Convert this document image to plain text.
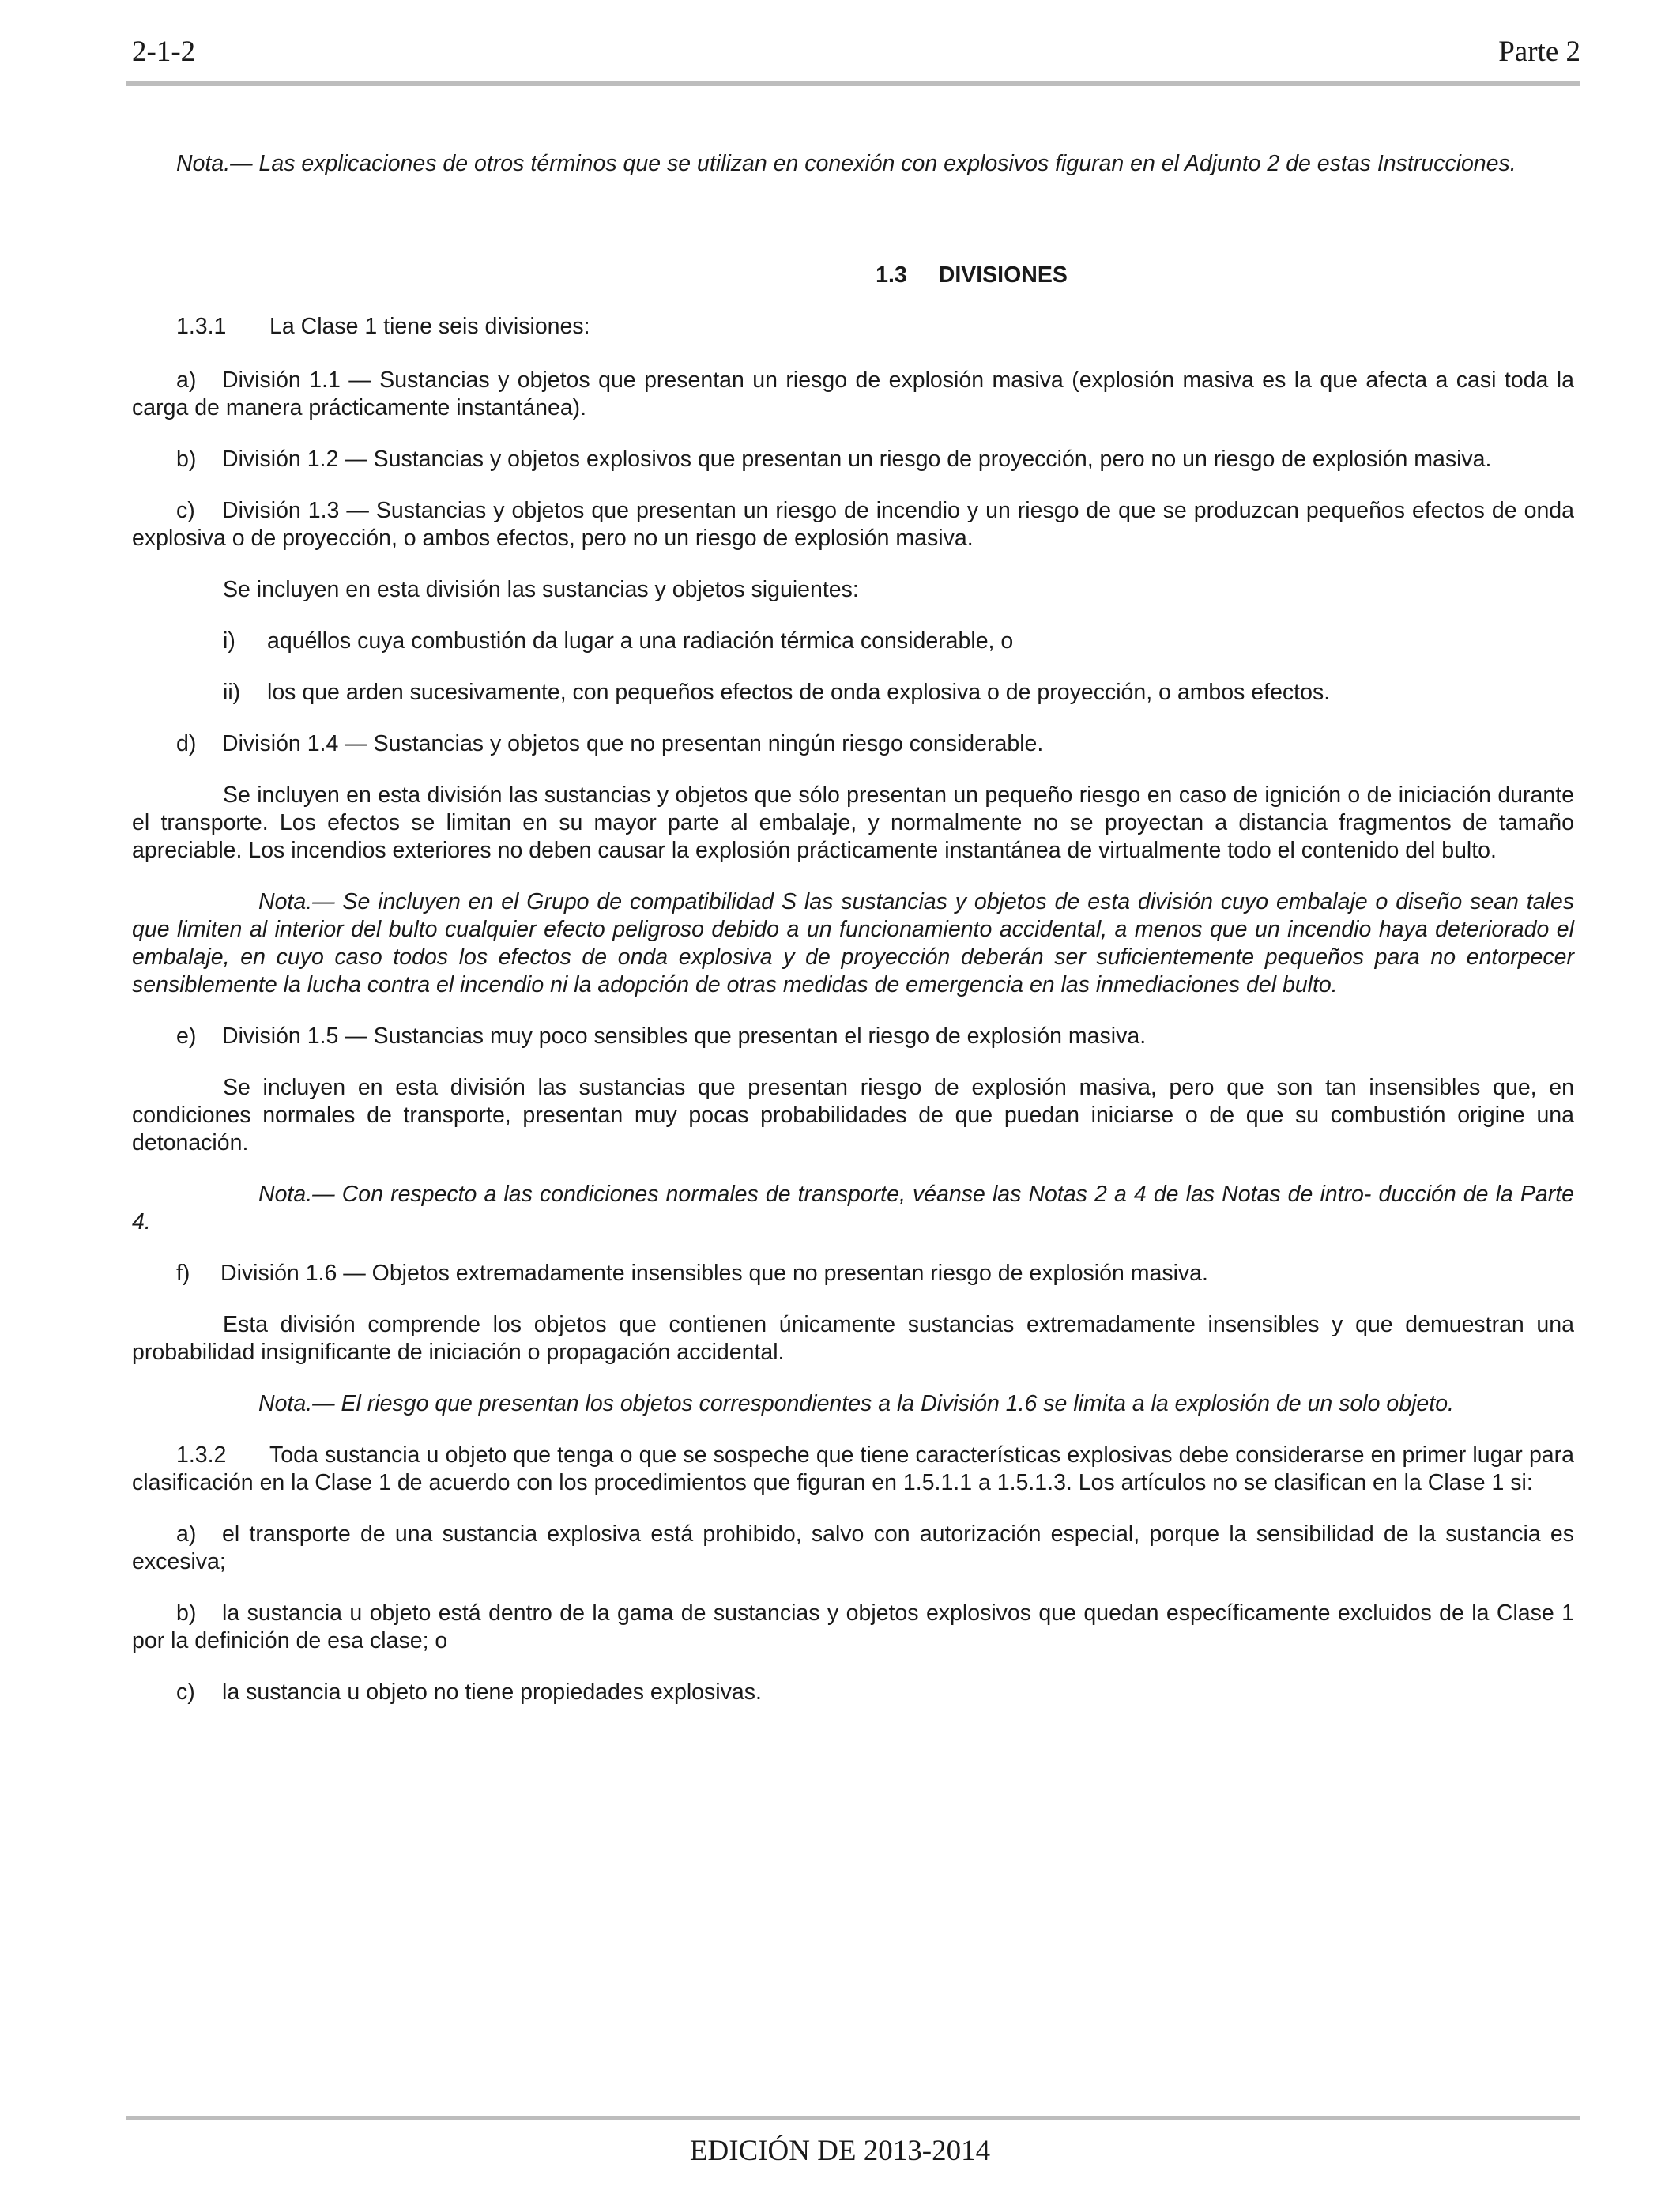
2-1-2	Parte 2

Nota.— Las explicaciones de otros términos que se utilizan en conexión con explosivos figuran en el Adjunto 2 de estas Instrucciones.

1.3 DIVISIONES

1.3.1 La Clase 1 tiene seis divisiones:

a) División 1.1 — Sustancias y objetos que presentan un riesgo de explosión masiva (explosión masiva es la que afecta a casi toda la carga de manera prácticamente instantánea).

b) División 1.2 — Sustancias y objetos explosivos que presentan un riesgo de proyección, pero no un riesgo de explosión masiva.

c) División 1.3 — Sustancias y objetos que presentan un riesgo de incendio y un riesgo de que se produzcan pequeños efectos de onda explosiva o de proyección, o ambos efectos, pero no un riesgo de explosión masiva.

Se incluyen en esta división las sustancias y objetos siguientes:

i) aquéllos cuya combustión da lugar a una radiación térmica considerable, o

ii) los que arden sucesivamente, con pequeños efectos de onda explosiva o de proyección, o ambos efectos.

d) División 1.4 — Sustancias y objetos que no presentan ningún riesgo considerable.

Se incluyen en esta división las sustancias y objetos que sólo presentan un pequeño riesgo en caso de ignición o de iniciación durante el transporte. Los efectos se limitan en su mayor parte al embalaje, y normalmente no se proyectan a distancia fragmentos de tamaño apreciable. Los incendios exteriores no deben causar la explosión prácticamente instantánea de virtualmente todo el contenido del bulto.

Nota.— Se incluyen en el Grupo de compatibilidad S las sustancias y objetos de esta división cuyo embalaje o diseño sean tales que limiten al interior del bulto cualquier efecto peligroso debido a un funcionamiento accidental, a menos que un incendio haya deteriorado el embalaje, en cuyo caso todos los efectos de onda explosiva y de proyección deberán ser suficientemente pequeños para no entorpecer sensiblemente la lucha contra el incendio ni la adopción de otras medidas de emergencia en las inmediaciones del bulto.

e) División 1.5 — Sustancias muy poco sensibles que presentan el riesgo de explosión masiva.

Se incluyen en esta división las sustancias que presentan riesgo de explosión masiva, pero que son tan insensibles que, en condiciones normales de transporte, presentan muy pocas probabilidades de que puedan iniciarse o de que su combustión origine una detonación.

Nota.— Con respecto a las condiciones normales de transporte, véanse las Notas 2 a 4 de las Notas de intro- ducción de la Parte 4.

f) División 1.6 — Objetos extremadamente insensibles que no presentan riesgo de explosión masiva.

Esta división comprende los objetos que contienen únicamente sustancias extremadamente insensibles y que demuestran una probabilidad insignificante de iniciación o propagación accidental.

Nota.— El riesgo que presentan los objetos correspondientes a la División 1.6 se limita a la explosión de un solo objeto.

1.3.2 Toda sustancia u objeto que tenga o que se sospeche que tiene características explosivas debe considerarse en primer lugar para clasificación en la Clase 1 de acuerdo con los procedimientos que figuran en 1.5.1.1 a 1.5.1.3. Los artículos no se clasifican en la Clase 1 si:

a) el transporte de una sustancia explosiva está prohibido, salvo con autorización especial, porque la sensibilidad de la sustancia es excesiva;

b) la sustancia u objeto está dentro de la gama de sustancias y objetos explosivos que quedan específicamente excluidos de la Clase 1 por la definición de esa clase; o

c) la sustancia u objeto no tiene propiedades explosivas.

EDICIÓN DE 2013-2014
